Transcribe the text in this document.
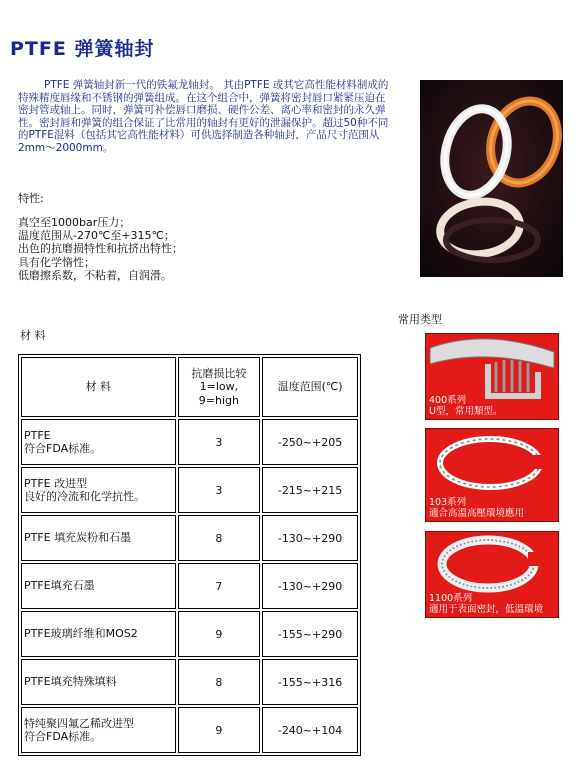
PTFE 弹簧轴封
PTFE 弹簧轴封新一代的铁氟龙轴封。 其由PTFE 或其它高性能材料制成的特殊精度唇缘和不锈钢的弹簧组成。在这个组合中，弹簧将密封唇口紧紧压迫在密封管或轴上。同时，弹簧可补偿唇口磨损、硬件公差、离心率和密封的永久弹性。密封唇和弹簧的组合保证了比常用的轴封有更好的泄漏保护。超过50种不同的PTFE混料（包括其它高性能材料）可供选择制造各种轴封，产品尺寸范围从2mm～2000mm。
特性:
真空至1000bar压力；
温度范围从-270℃至+315℃；
出色的抗磨损特性和抗挤出特性；
具有化学惰性；
低磨擦系数，不粘着，自润滑。
常用类型
材 料
材 料	抗磨损比较
1=low,
9=high	温度范围(℃)

PTFE
符合FDA标准。	3	-250~+205

PTFE 改进型
良好的冷流和化学抗性。	3	-215~+215
PTFE 填充炭粉和石墨	8	-130~+290
PTFE填充石墨	7	-130~+290
PTFE玻璃纤维和MOS2	9	-155~+290
PTFE填充特殊填料	8	-155~+316

特纯聚四氟乙稀改进型
符合FDA标准。	9	-240~+104
400系列
U型，常用類型。
103系列
適合高溫高壓環境應用
1100系列
適用于表面密封，低溫環境
